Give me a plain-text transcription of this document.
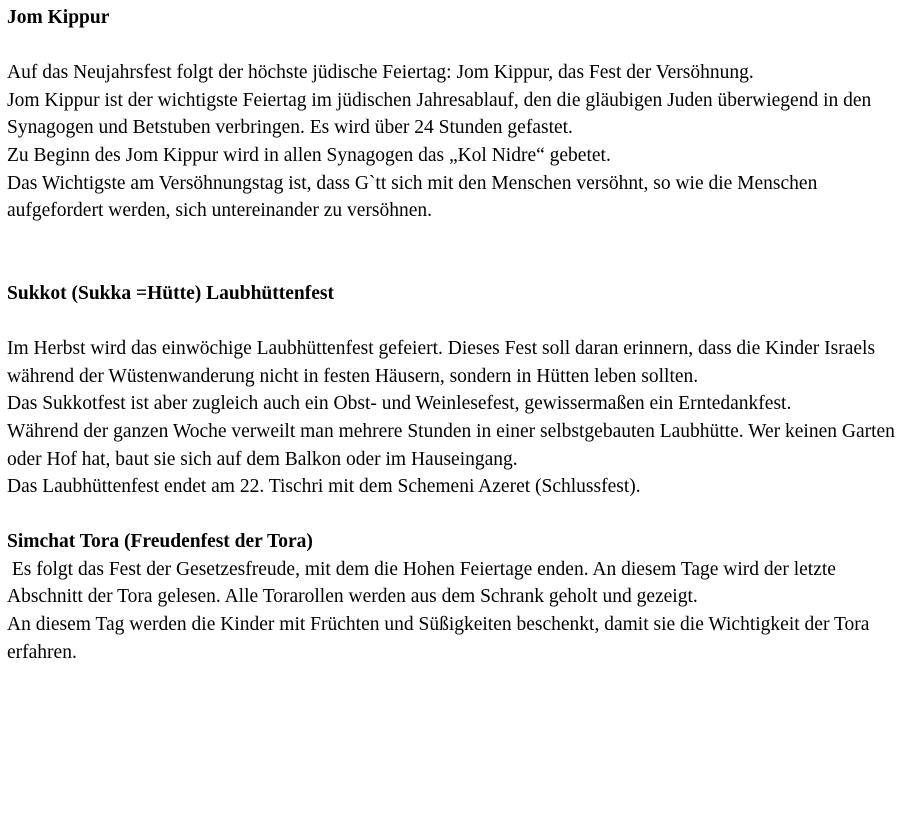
Jom Kippur

Auf das Neujahrsfest folgt der höchste jüdische Feiertag: Jom Kippur, das Fest der Versöhnung.

Jom Kippur ist der wichtigste Feiertag im jüdischen Jahresablauf, den die gläubigen Juden überwiegend in den Synagogen und Betstuben verbringen. Es wird über 24 Stunden gefastet.

Zu Beginn des Jom Kippur wird in allen Synagogen das „Kol Nidre“ gebetet.

Das Wichtigste am Versöhnungstag ist, dass G`tt sich mit den Menschen versöhnt, so wie die Menschen aufgefordert werden, sich untereinander zu versöhnen.

Sukkot (Sukka =Hütte) Laubhüttenfest

Im Herbst wird das einwöchige Laubhüttenfest gefeiert. Dieses Fest soll daran erinnern, dass die Kinder Israels während der Wüstenwanderung nicht in festen Häusern, sondern in Hütten leben sollten.

Das Sukkotfest ist aber zugleich auch ein Obst- und Weinlesefest, gewissermaßen ein Erntedankfest.

Während der ganzen Woche verweilt man mehrere Stunden in einer selbstgebauten Laubhütte. Wer keinen Garten oder Hof hat, baut sie sich auf dem Balkon oder im Hauseingang.

Das Laubhüttenfest endet am 22. Tischri mit dem Schemeni Azeret (Schlussfest).

Simchat Tora (Freudenfest der Tora)

Es folgt das Fest der Gesetzesfreude, mit dem die Hohen Feiertage enden. An diesem Tage wird der letzte Abschnitt der Tora gelesen. Alle Torarollen werden aus dem Schrank geholt und gezeigt.

An diesem Tag werden die Kinder mit Früchten und Süßigkeiten beschenkt, damit sie die Wichtigkeit der Tora erfahren.
